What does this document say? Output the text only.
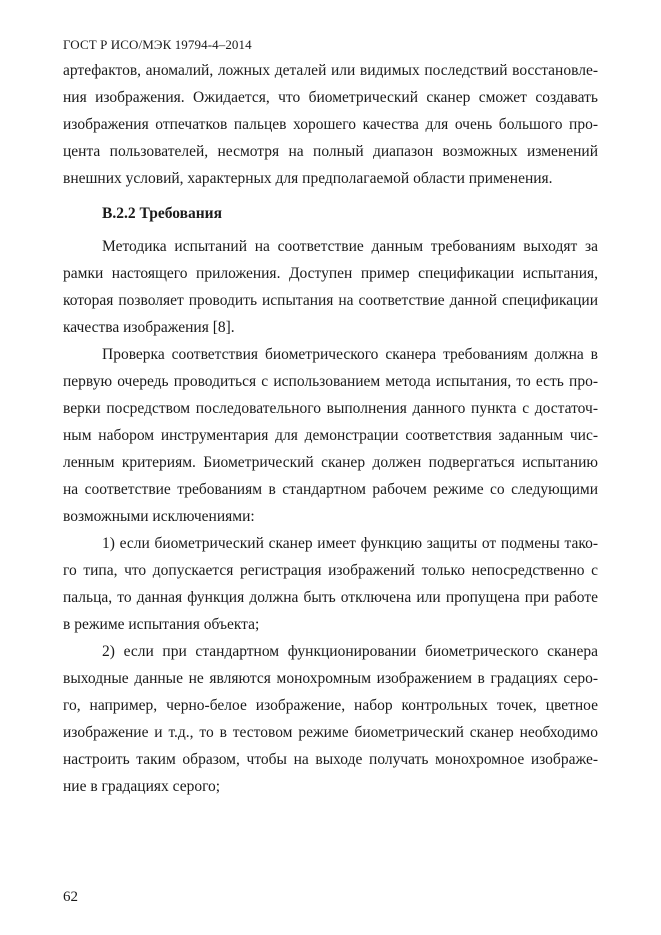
ГОСТ Р ИСО/МЭК 19794-4–2014
артефактов, аномалий, ложных деталей или видимых последствий восстановле-
ния изображения. Ожидается, что биометрический сканер сможет создавать
изображения отпечатков пальцев хорошего качества для очень большого про-
цента пользователей, несмотря на полный диапазон возможных изменений
внешних условий, характерных для предполагаемой области применения.
B.2.2 Требования
Методика испытаний на соответствие данным требованиям выходят за
рамки настоящего приложения. Доступен пример спецификации испытания,
которая позволяет проводить испытания на соответствие данной спецификации
качества изображения [8].
Проверка соответствия биометрического сканера требованиям должна в
первую очередь проводиться с использованием метода испытания, то есть про-
верки посредством последовательного выполнения данного пункта с достаточ-
ным набором инструментария для демонстрации соответствия заданным чис-
ленным критериям. Биометрический сканер должен подвергаться испытанию
на соответствие требованиям в стандартном рабочем режиме со следующими
возможными исключениями:
1) если биометрический сканер имеет функцию защиты от подмены тако-
го типа, что допускается регистрация изображений только непосредственно с
пальца, то данная функция должна быть отключена или пропущена при работе
в режиме испытания объекта;
2) если при стандартном функционировании биометрического сканера
выходные данные не являются монохромным изображением в градациях серо-
го, например, черно-белое изображение, набор контрольных точек, цветное
изображение и т.д., то в тестовом режиме биометрический сканер необходимо
настроить таким образом, чтобы на выходе получать монохромное изображе-
ние в градациях серого;
62
